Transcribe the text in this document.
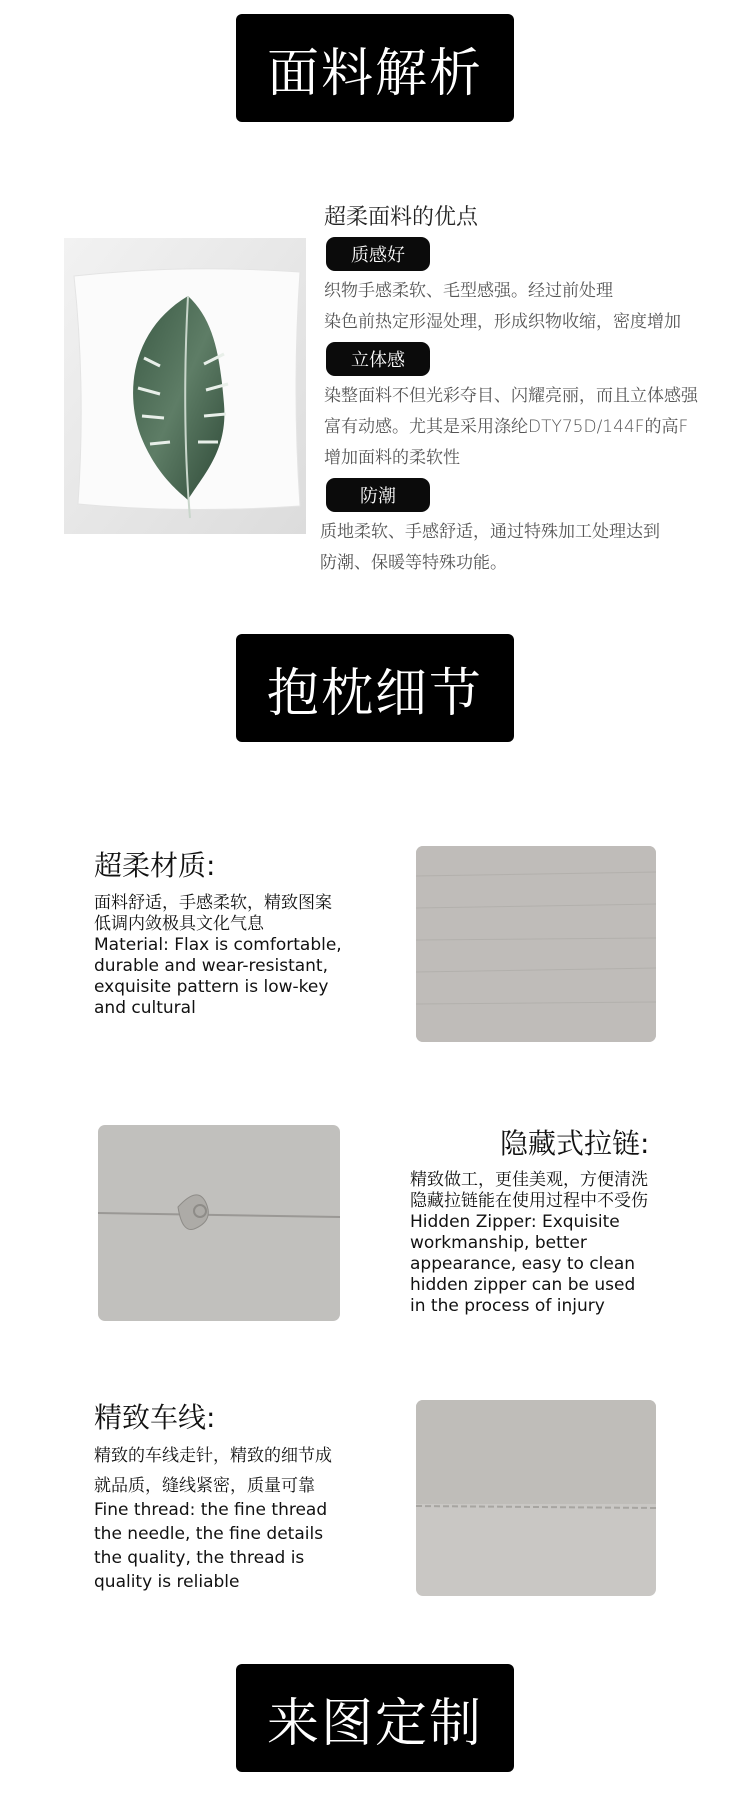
面料解析
超柔面料的优点
质感好
织物手感柔软、毛型感强。经过前处理
染色前热定形湿处理，形成织物收缩，密度增加
立体感
染整面料不但光彩夺目、闪耀亮丽，而且立体感强
富有动感。尤其是采用涤纶DTY75D/144F的高F
增加面料的柔软性
防潮
质地柔软、手感舒适，通过特殊加工处理达到
防潮、保暖等特殊功能。
抱枕细节
超柔材质:
面料舒适，手感柔软，精致图案
低调内敛极具文化气息
Material: Flax is comfortable,
durable and wear-resistant,
exquisite pattern is low-key
and cultural
隐藏式拉链:
精致做工，更佳美观，方便清洗
隐藏拉链能在使用过程中不受伤
Hidden Zipper: Exquisite
workmanship, better
appearance, easy to clean
hidden zipper can be used
in the process of injury
精致车线:
精致的车线走针，精致的细节成
就品质，缝线紧密，质量可靠
Fine thread: the fine thread
the needle, the fine details
the quality, the thread is
quality is reliable
来图定制
